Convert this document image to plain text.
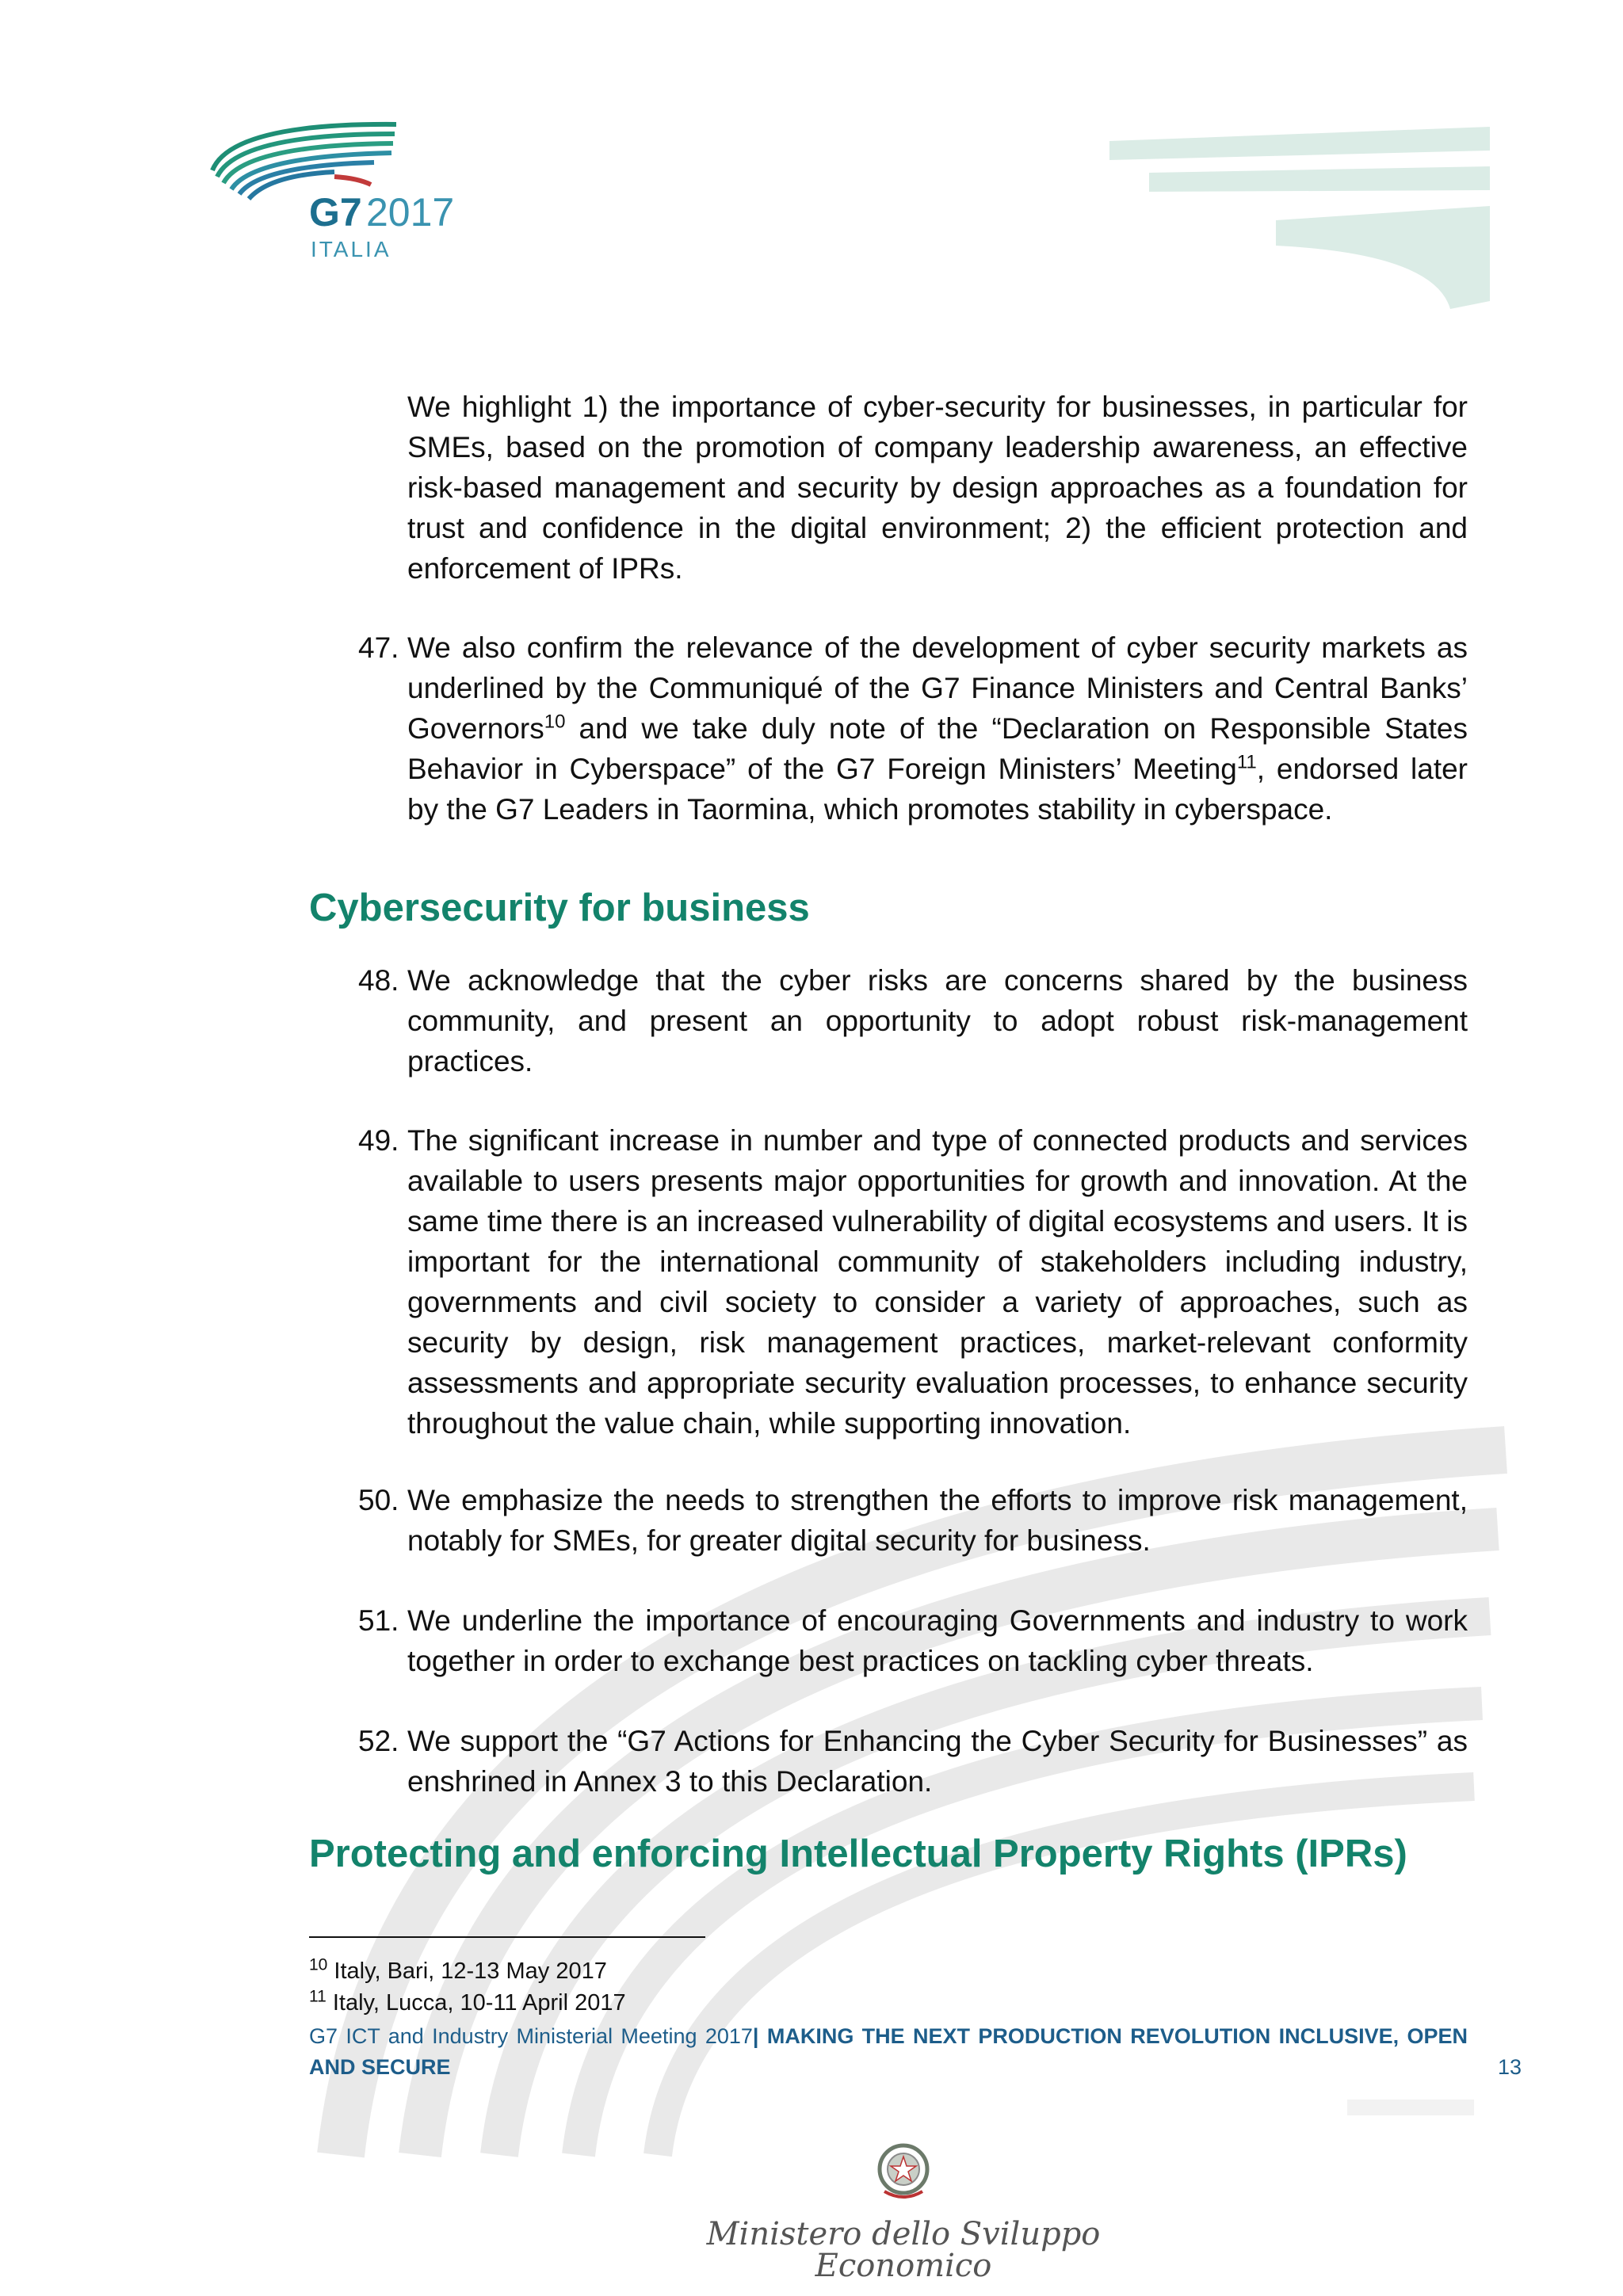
G7 2017
ITALIA
We highlight 1) the importance of cyber-security for businesses, in particular for SMEs, based on the promotion of company leadership awareness, an effective risk-based management and security by design approaches as a foundation for trust and confidence in the digital environment; 2) the efficient protection and enforcement of IPRs.
47. We also confirm the relevance of the development of cyber security markets as underlined by the Communiqué of the G7 Finance Ministers and Central Banks’ Governors$^{10}$ and we take duly note of the “Declaration on Responsible States Behavior in Cyberspace” of the G7 Foreign Ministers’ Meeting$^{11}$, endorsed later by the G7 Leaders in Taormina, which promotes stability in cyberspace.
Cybersecurity for business
48. We acknowledge that the cyber risks are concerns shared by the business community, and present an opportunity to adopt robust risk-management practices.
49. The significant increase in number and type of connected products and services available to users presents major opportunities for growth and innovation. At the same time there is an increased vulnerability of digital ecosystems and users. It is important for the international community of stakeholders including industry, governments and civil society to consider a variety of approaches, such as security by design, risk management practices, market-relevant conformity assessments and appropriate security evaluation processes, to enhance security throughout the value chain, while supporting innovation.
50. We emphasize the needs to strengthen the efforts to improve risk management, notably for SMEs, for greater digital security for business.
51. We underline the importance of encouraging Governments and industry to work together in order to exchange best practices on tackling cyber threats.
52. We support the “G7 Actions for Enhancing the Cyber Security for Businesses” as enshrined in Annex 3 to this Declaration.
Protecting and enforcing Intellectual Property Rights (IPRs)
$^{10}$ Italy, Bari, 12-13 May 2017
$^{11}$ Italy, Lucca, 10-11 April 2017
G7 ICT and Industry Ministerial Meeting 2017| MAKING THE NEXT PRODUCTION REVOLUTION INCLUSIVE, OPEN
AND SECURE	13
Ministero dello Sviluppo Economico
